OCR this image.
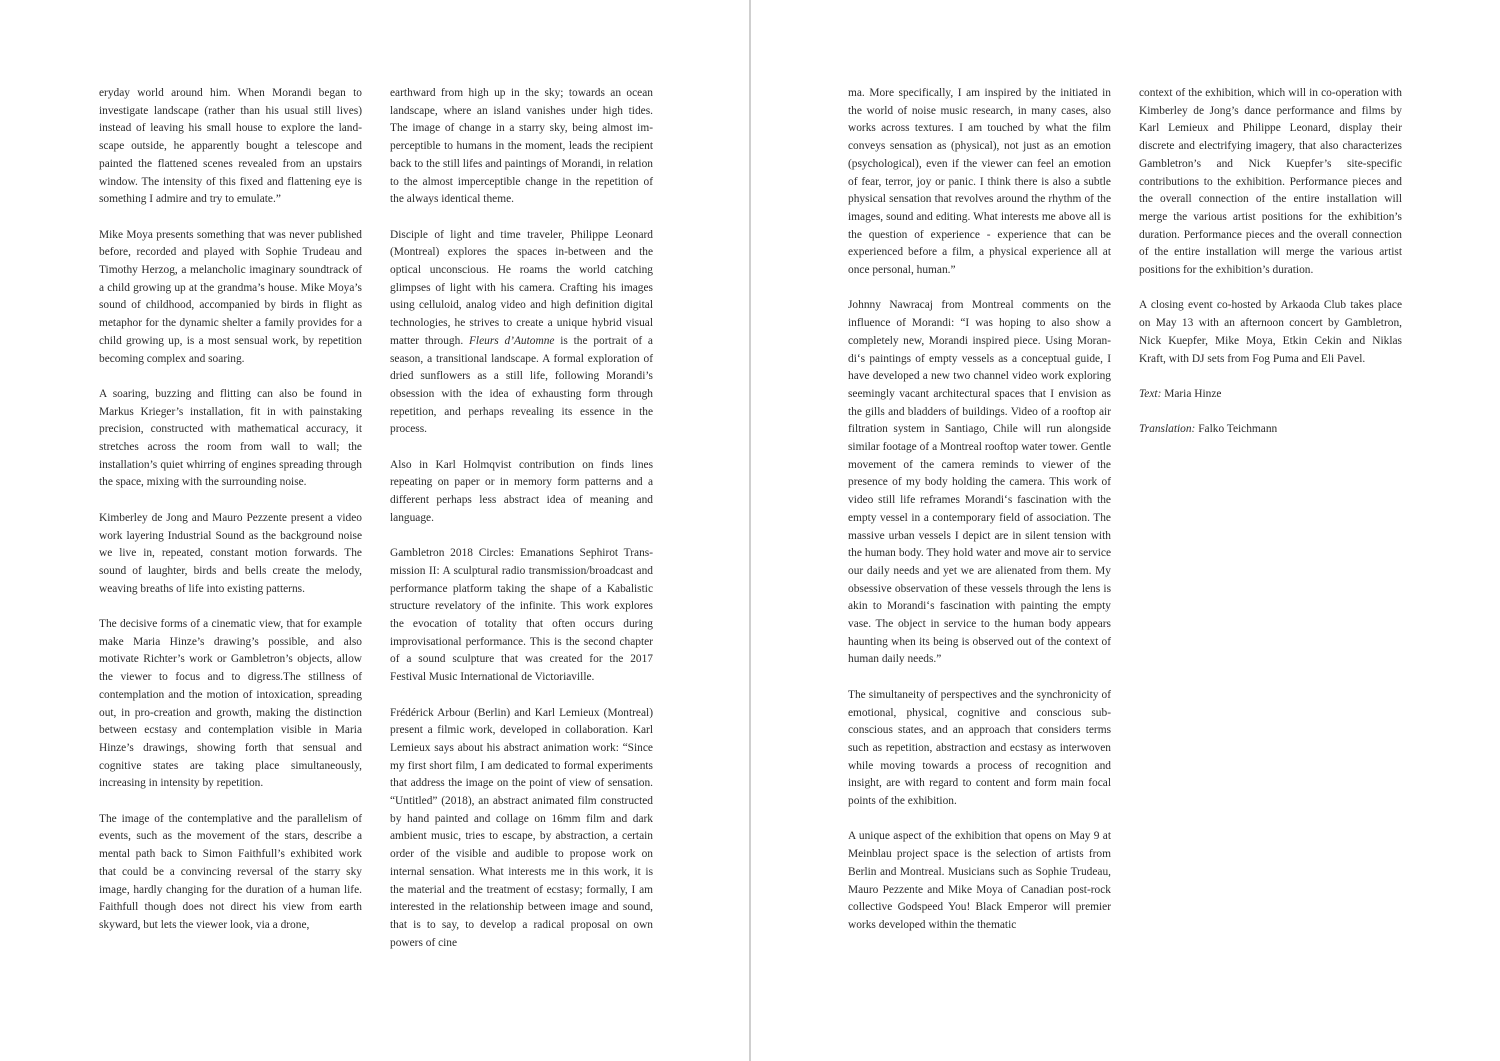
eryday world around him. When Morandi began to investigate landscape (rather than his usual still lives) instead of leaving his small house to explore the landscape outside, he apparently bought a telescope and painted the flattened scenes revealed from an upstairs window. The intensity of this fixed and flattening eye is something I admire and try to emulate.”

Mike Moya presents something that was never published before, recorded and played with Sophie Trudeau and Timothy Herzog, a melancholic imaginary soundtrack of a child growing up at the grandma’s house. Mike Moya’s sound of childhood, accompanied by birds in flight as metaphor for the dynamic shelter a family provides for a child growing up, is a most sensual work, by repetition becoming complex and soaring.

A soaring, buzzing and flitting can also be found in Markus Krieger’s installation, fit in with painstaking precision, constructed with mathematical accuracy, it stretches across the room from wall to wall; the installation’s quiet whirring of engines spreading through the space, mixing with the surrounding noise.

Kimberley de Jong and Mauro Pezzente present a video work layering Industrial Sound as the background noise we live in, repeated, constant motion forwards. The sound of laughter, birds and bells create the melody, weaving breaths of life into existing patterns.

The decisive forms of a cinematic view, that for example make Maria Hinze’s drawing’s possible, and also motivate Richter’s work or Gambletron’s objects, allow the viewer to focus and to digress.The stillness of contemplation and the motion of intoxication, spreading out, in pro-creation and growth, making the distinction between ecstasy and contemplation visible in Maria Hinze’s drawings, showing forth that sensual and cognitive states are taking place simultaneously, increasing in intensity by repetition.

The image of the contemplative and the parallelism of events, such as the movement of the stars, describe a mental path back to Simon Faithfull’s exhibited work that could be a convincing reversal of the starry sky image, hardly changing for the duration of a human life. Faithfull though does not direct his view from earth skyward, but lets the viewer look, via a drone,

earthward from high up in the sky; towards an ocean landscape, where an island vanishes under high tides. The image of change in a starry sky, being almost imperceptible to humans in the moment, leads the recipient back to the still lifes and paintings of Morandi, in relation to the almost imperceptible change in the repetition of the always identical theme.

Disciple of light and time traveler, Philippe Leonard (Montreal) explores the spaces in-between and the optical unconscious. He roams the world catching glimpses of light with his camera. Crafting his images using celluloid, analog video and high definition digital technologies, he strives to create a unique hybrid visual matter through. Fleurs d’Automne is the portrait of a season, a transitional landscape. A formal exploration of dried sunflowers as a still life, following Morandi’s obsession with the idea of exhausting form through repetition, and perhaps revealing its essence in the process.

Also in Karl Holmqvist contribution on finds lines repeating on paper or in memory form patterns and a different perhaps less abstract idea of meaning and language.

Gambletron 2018 Circles: Emanations Sephirot Transmission II: A sculptural radio transmission/broadcast and performance platform taking the shape of a Kabalistic structure revelatory of the infinite. This work explores the evocation of totality that often occurs during improvisational performance. This is the second chapter of a sound sculpture that was created for the 2017 Festival Music International de Victoriaville.

Frédérick Arbour (Berlin) and Karl Lemieux (Montreal) present a filmic work, developed in collaboration. Karl Lemieux says about his abstract animation work: “Since my first short film, I am dedicated to formal experiments that address the image on the point of view of sensation. “Untitled” (2018), an abstract animated film constructed by hand painted and collage on 16mm film and dark ambient music, tries to escape, by abstraction, a certain order of the visible and audible to propose work on internal sensation. What interests me in this work, it is the material and the treatment of ecstasy; formally, I am interested in the relationship between image and sound, that is to say, to develop a radical proposal on own powers of cine

ma. More specifically, I am inspired by the initiated in the world of noise music research, in many cases, also works across textures. I am touched by what the film conveys sensation as (physical), not just as an emotion (psychological), even if the viewer can feel an emotion of fear, terror, joy or panic. I think there is also a subtle physical sensation that revolves around the rhythm of the images, sound and editing. What interests me above all is the question of experience - experience that can be experienced before a film, a physical experience all at once personal, human.”

Johnny Nawracaj from Montreal comments on the influence of Morandi: “I was hoping to also show a completely new, Morandi inspired piece. Using Morandi‘s paintings of empty vessels as a conceptual guide, I have developed a new two channel video work exploring seemingly vacant architectural spaces that I envision as the gills and bladders of buildings. Video of a rooftop air filtration system in Santiago, Chile will run alongside similar footage of a Montreal rooftop water tower. Gentle movement of the camera reminds to viewer of the presence of my body holding the camera. This work of video still life reframes Morandi‘s fascination with the empty vessel in a contemporary field of association. The massive urban vessels I depict are in silent tension with the human body. They hold water and move air to service our daily needs and yet we are alienated from them. My obsessive observation of these vessels through the lens is akin to Morandi‘s fascination with painting the empty vase. The object in service to the human body appears haunting when its being is observed out of the context of human daily needs.”

The simultaneity of perspectives and the synchronicity of emotional, physical, cognitive and conscious sub-conscious states, and an approach that considers terms such as repetition, abstraction and ecstasy as interwoven while moving towards a process of recognition and insight, are with regard to content and form main focal points of the exhibition.

A unique aspect of the exhibition that opens on May 9 at Meinblau project space is the selection of artists from Berlin and Montreal. Musicians such as Sophie Trudeau, Mauro Pezzente and Mike Moya of Canadian post-rock collective Godspeed You! Black Emperor will premier works developed within the thematic

context of the exhibition, which will in co-operation with Kimberley de Jong’s dance performance and films by Karl Lemieux and Philippe Leonard, display their discrete and electrifying imagery, that also characterizes Gambletron’s and Nick Kuepfer’s site-specific contributions to the exhibition. Performance pieces and the overall connection of the entire installation will merge the various artist positions for the exhibition’s duration. Performance pieces and the overall connection of the entire installation will merge the various artist positions for the exhibition’s duration.

A closing event co-hosted by Arkaoda Club takes place on May 13 with an afternoon concert by Gambletron, Nick Kuepfer, Mike Moya, Etkin Cekin and Niklas Kraft, with DJ sets from Fog Puma and Eli Pavel.

Text: Maria Hinze

Translation: Falko Teichmann
